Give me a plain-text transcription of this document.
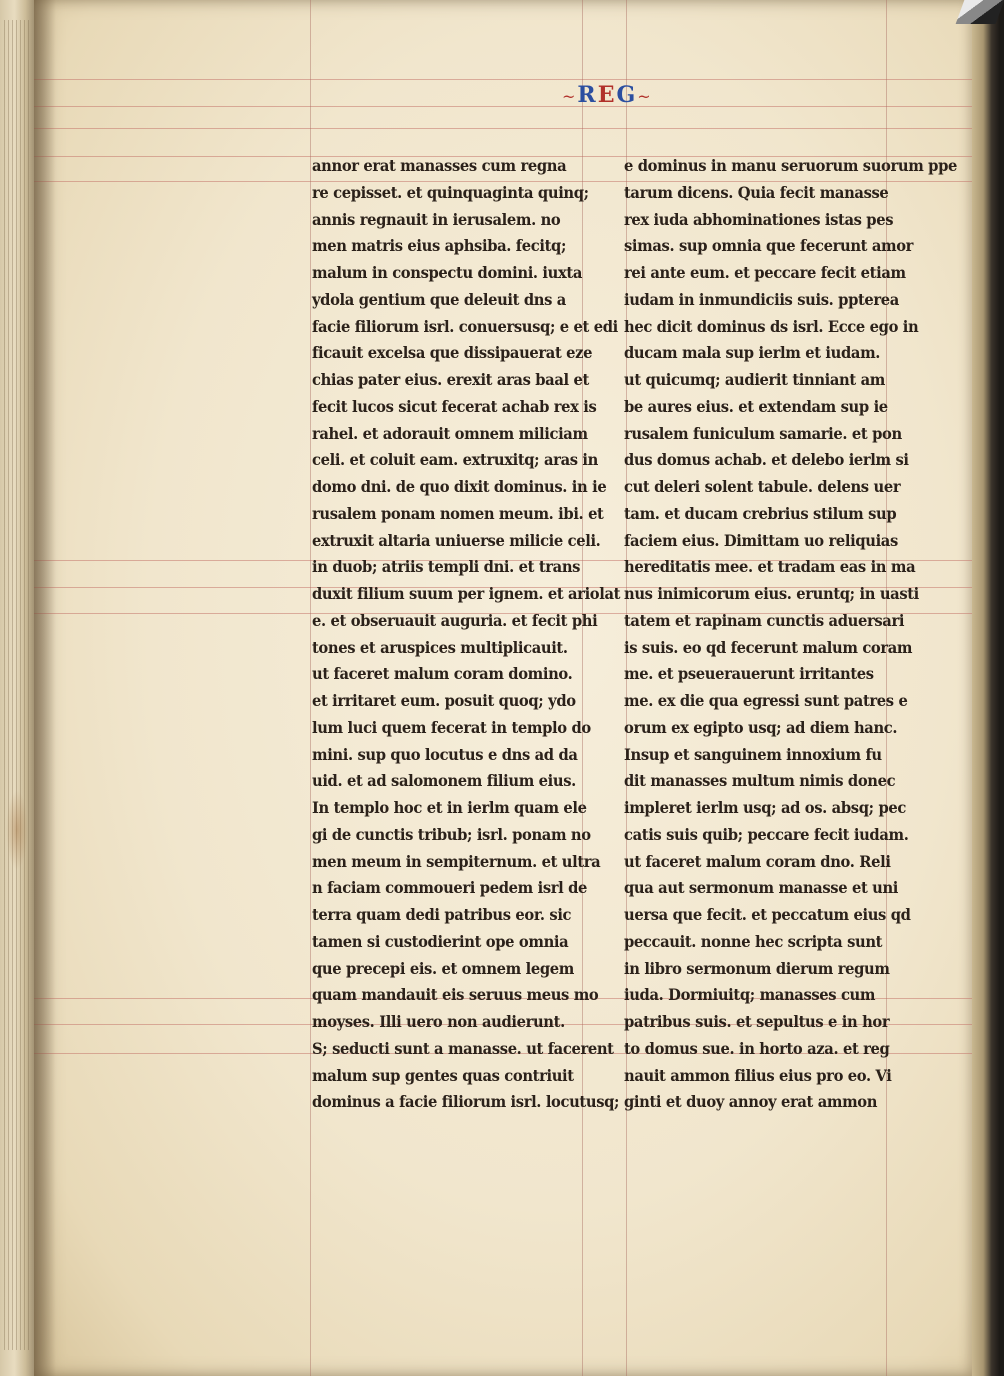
~REG~
annor erat manasses cum regna
re cepisset. et quinquaginta quinq;
annis regnauit in ierusalem. no
men matris eius aphsiba. fecitq;
malum in conspectu domini. iuxta
ydola gentium que deleuit dns a
facie filiorum isrl. conuersusq; e et edi
ficauit excelsa que dissipauerat eze
chias pater eius. erexit aras baal et
fecit lucos sicut fecerat achab rex is
rahel. et adorauit omnem miliciam
celi. et coluit eam. extruxitq; aras in
domo dni. de quo dixit dominus. in ie
rusalem ponam nomen meum. ibi. et
extruxit altaria uniuerse milicie celi.
in duob; atriis templi dni. et trans
duxit filium suum per ignem. et ariolat
e. et obseruauit auguria. et fecit phi
tones et aruspices multiplicauit.
ut faceret malum coram domino.
et irritaret eum. posuit quoq; ydo
lum luci quem fecerat in templo do
mini. sup quo locutus e dns ad da
uid. et ad salomonem filium eius.
In templo hoc et in ierlm quam ele
gi de cunctis tribub; isrl. ponam no
men meum in sempiternum. et ultra
n faciam commoueri pedem isrl de
terra quam dedi patribus eor. sic
tamen si custodierint ope omnia
que precepi eis. et omnem legem
quam mandauit eis seruus meus mo
moyses. Illi uero non audierunt.
S; seducti sunt a manasse. ut facerent
malum sup gentes quas contriuit
dominus a facie filiorum isrl. locutusq;
e dominus in manu seruorum suorum ppe
tarum dicens. Quia fecit manasse
rex iuda abhominationes istas pes
simas. sup omnia que fecerunt amor
rei ante eum. et peccare fecit etiam
iudam in inmundiciis suis. ppterea
hec dicit dominus ds isrl. Ecce ego in
ducam mala sup ierlm et iudam.
ut quicumq; audierit tinniant am
be aures eius. et extendam sup ie
rusalem funiculum samarie. et pon
dus domus achab. et delebo ierlm si
cut deleri solent tabule. delens uer
tam. et ducam crebrius stilum sup
faciem eius. Dimittam uo reliquias
hereditatis mee. et tradam eas in ma
nus inimicorum eius. eruntq; in uasti
tatem et rapinam cunctis aduersari
is suis. eo qd fecerunt malum coram
me. et pseuerauerunt irritantes
me. ex die qua egressi sunt patres e
orum ex egipto usq; ad diem hanc.
Insup et sanguinem innoxium fu
dit manasses multum nimis donec
impleret ierlm usq; ad os. absq; pec
catis suis quib; peccare fecit iudam.
ut faceret malum coram dno. Reli
qua aut sermonum manasse et uni
uersa que fecit. et peccatum eius qd
peccauit. nonne hec scripta sunt
in libro sermonum dierum regum
iuda. Dormiuitq; manasses cum
patribus suis. et sepultus e in hor
to domus sue. in horto aza. et reg
nauit ammon filius eius pro eo. Vi
ginti et duoy annoy erat ammon
